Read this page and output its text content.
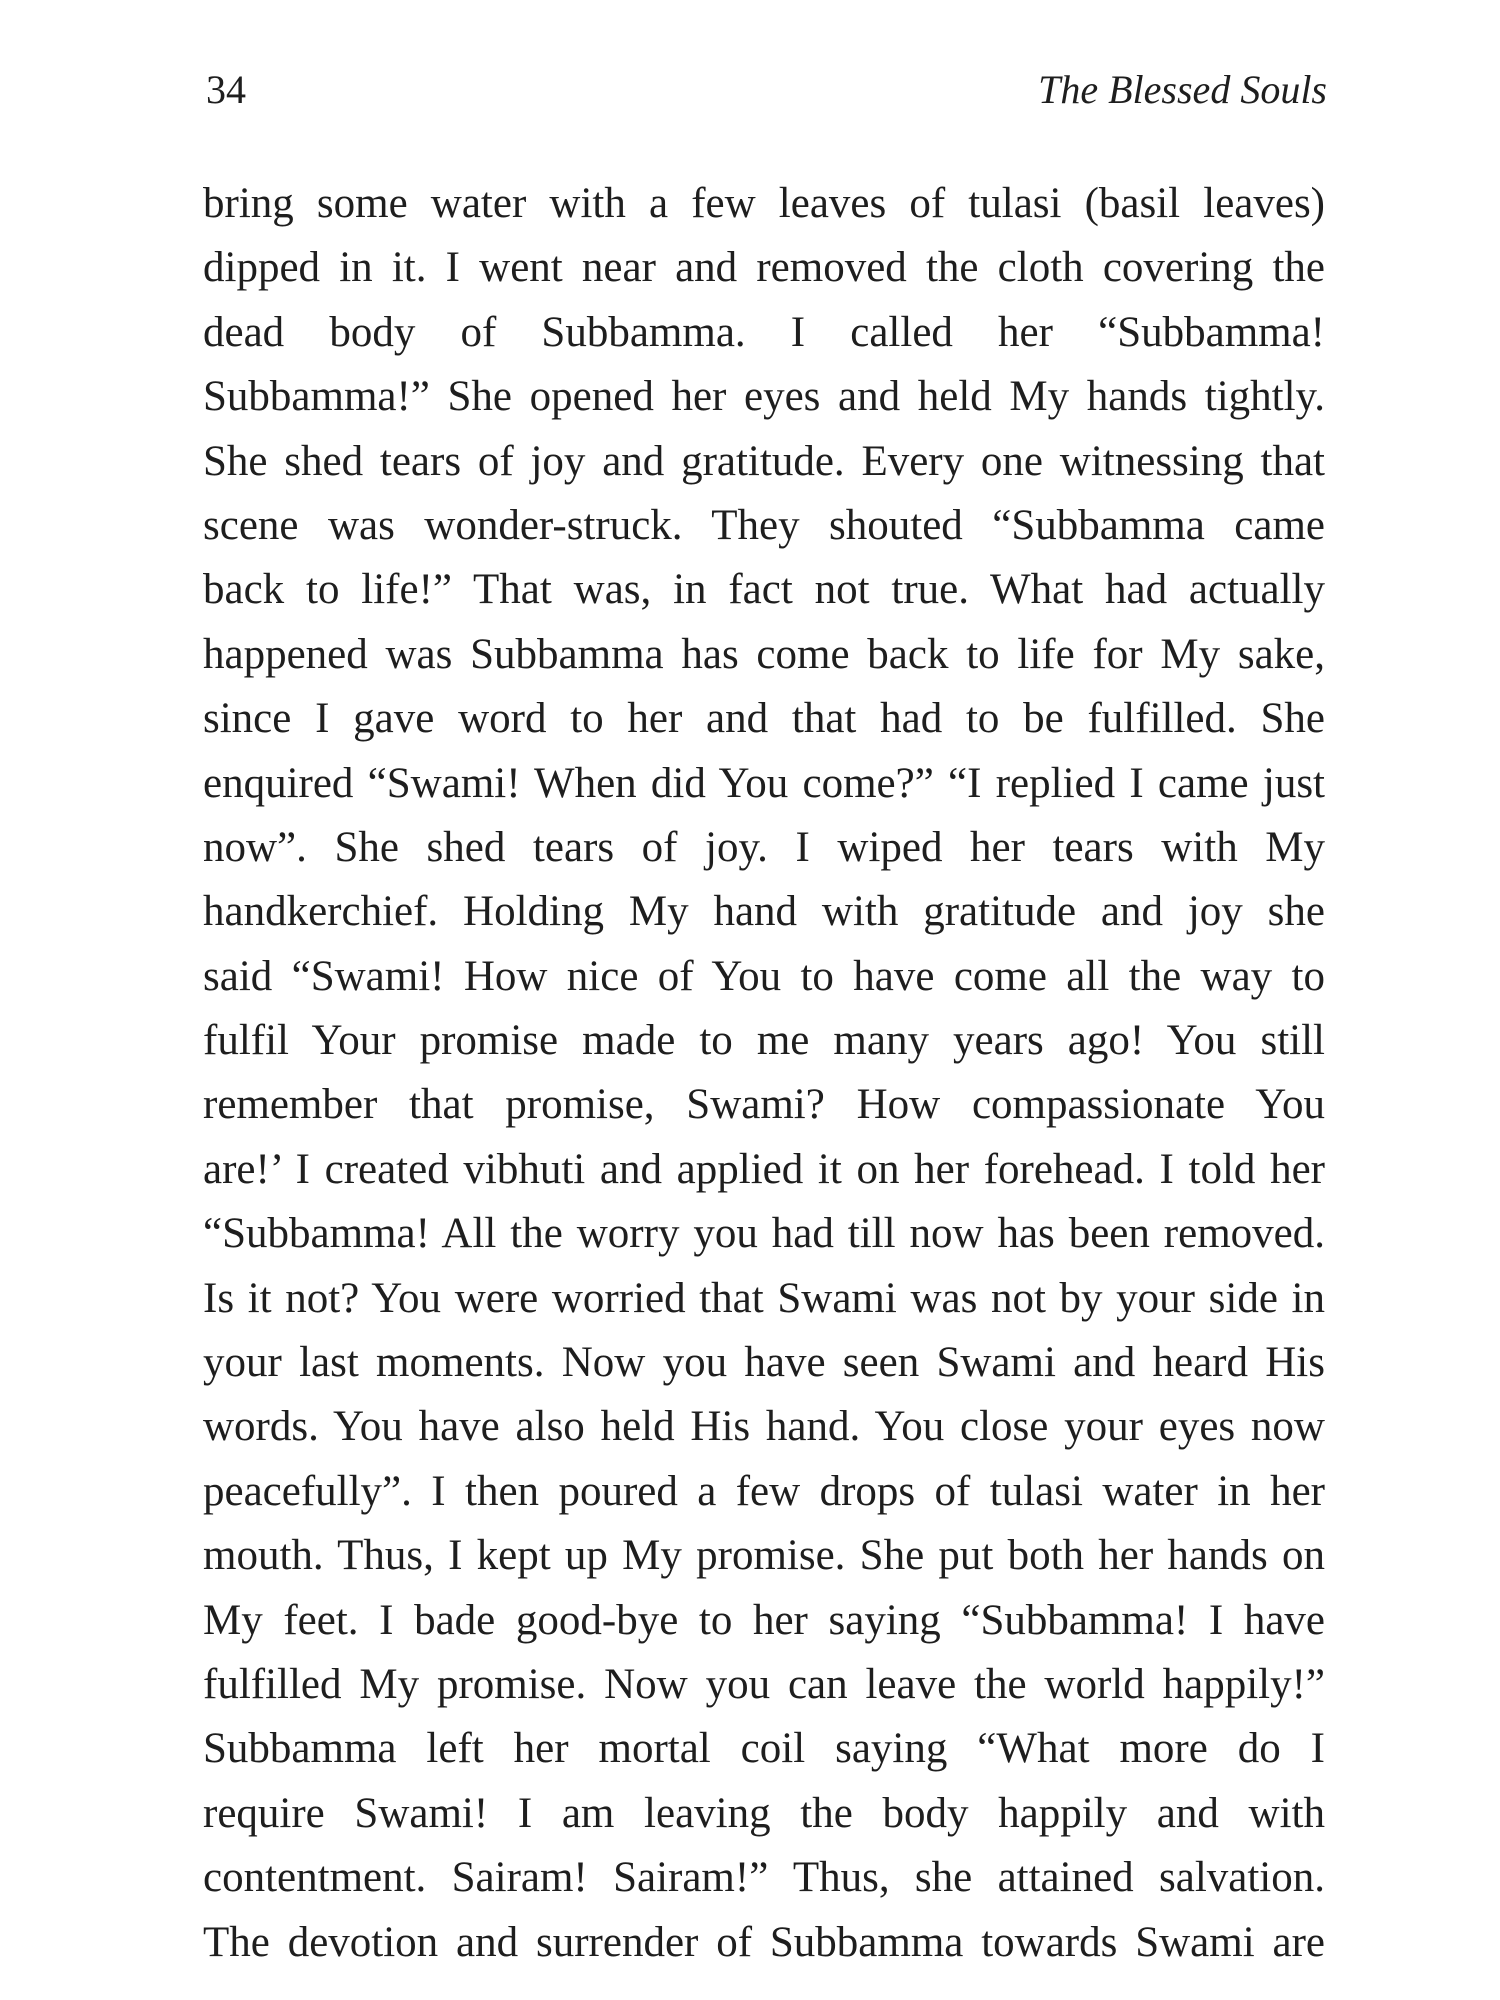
34	The Blessed Souls
bring some water with a few leaves of tulasi (basil leaves)
dipped in it. I went near and removed the cloth covering the
dead body of Subbamma. I called her “Subbamma!
Subbamma!” She opened her eyes and held My hands tightly.
She shed tears of joy and gratitude. Every one witnessing that
scene was wonder-struck. They shouted “Subbamma came
back to life!” That was, in fact not true. What had actually
happened was Subbamma has come back to life for My sake,
since I gave word to her and that had to be fulfilled. She
enquired “Swami! When did You come?” “I replied I came just
now”. She shed tears of joy. I wiped her tears with My
handkerchief. Holding My hand with gratitude and joy she
said “Swami! How nice of You to have come all the way to
fulfil Your promise made to me many years ago! You still
remember that promise, Swami? How compassionate You
are!’ I created vibhuti and applied it on her forehead. I told her
“Subbamma! All the worry you had till now has been removed.
Is it not? You were worried that Swami was not by your side in
your last moments. Now you have seen Swami and heard His
words. You have also held His hand. You close your eyes now
peacefully”. I then poured a few drops of tulasi water in her
mouth. Thus, I kept up My promise. She put both her hands on
My feet. I bade good-bye to her saying “Subbamma! I have
fulfilled My promise. Now you can leave the world happily!”
Subbamma left her mortal coil saying “What more do I
require Swami! I am leaving the body happily and with
contentment. Sairam! Sairam!” Thus, she attained salvation.
The devotion and surrender of Subbamma towards Swami are
